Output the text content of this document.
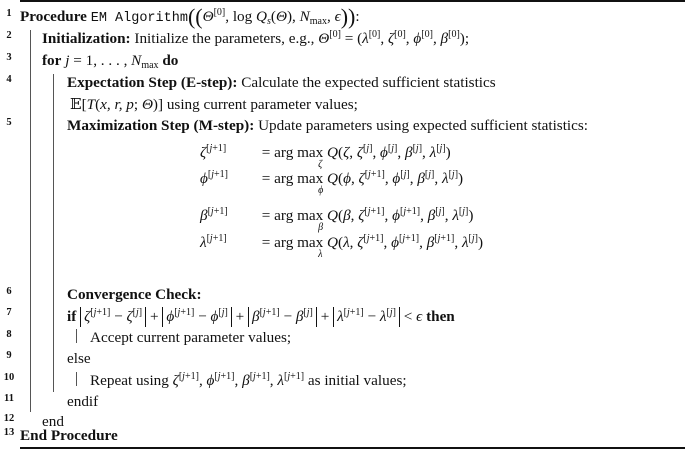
1 Procedure EM Algorithm((Θ[0], $\log Q_s(\Theta)$, $N_{max}$, ϵ)):
2 Initialization: Initialize the parameters, e.g., Θ[0] = (λ[0], ζ[0], ϕ[0], β[0]);
3 for j = 1, . . . , $N_{max}$ do
4	Expectation Step (E-step): Calculate the expected sufficient statistics
𝔼[T(x, r, p; Θ)] using current parameter values;
5	Maximization Step (M-step): Update parameters using expected sufficient statistics:
ζ[j+1] = arg max
ζ
Q(ζ, ζ[j], ϕ[j], β[j], λ[j])
ϕ[j+1] = arg max
ϕ
Q(ϕ, ζ[j+1], ϕ[j], β[j], λ[j])
β[j+1] = arg max
β
Q(β, ζ[j+1], ϕ[j+1], β[j], λ[j])
λ[j+1] = arg max
λ
Q(λ, ζ[j+1], ϕ[j+1], β[j+1], λ[j])
6	Convergence Check:
7	if ζ[j+1] − ζ[j] + ϕ[j+1] − ϕ[j] + β[j+1] − β[j] + λ[j+1] − λ[j] < ϵ then
8	Accept current parameter values;
9	else
10	Repeat using ζ[j+1], ϕ[j+1], β[j+1], λ[j+1] as initial values;
11	endif
12 end
13 End Procedure
